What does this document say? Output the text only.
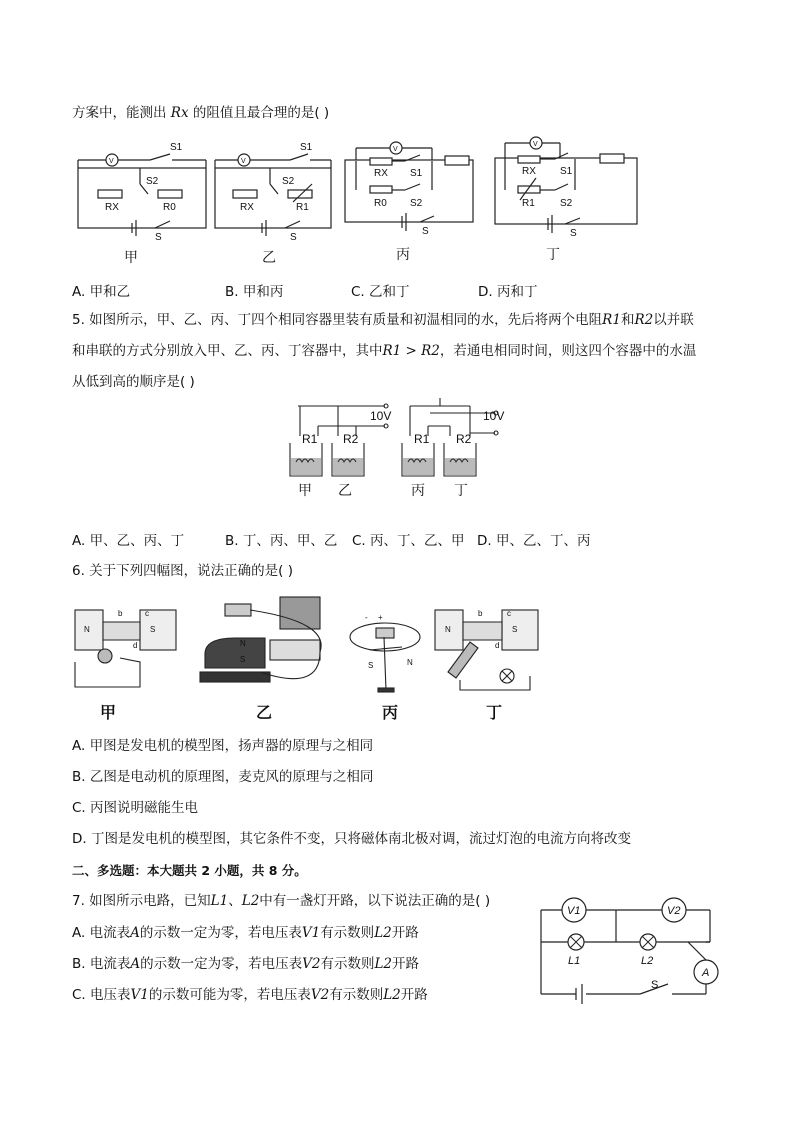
方案中，能测出 Rx 的阻值且最合理的是( )
V
S1
S2
RX	R0
S
V
S1
S2
RX	R1
S
V
RX S1
R0 S2
S
V
RX S1
R1	S2
S
甲	乙	丙	丁
A. 甲和乙	B. 甲和丙	C. 乙和丁	D. 丙和丁
5. 如图所示，甲、乙、丙、丁四个相同容器里装有质量和初温相同的水，先后将两个电阻R1和R2以并联
和串联的方式分别放入甲、乙、丙、丁容器中，其中R1 > R2，若通电相同时间，则这四个容器中的水温
从低到高的顺序是( )
R1 R2	R1 R2
10V	10V
甲 乙	丙 丁
A. 甲、乙、丙、丁	B. 丁、丙、甲、乙 C. 丙、丁、乙、甲 D. 甲、乙、丁、丙
6. 关于下列四幅图，说法正确的是( )
N	S
b	c
d
N	S
b	c
d
N
S
- +
S	N
甲	乙	丙	丁
A. 甲图是发电机的模型图，扬声器的原理与之相同
B. 乙图是电动机的原理图，麦克风的原理与之相同
C. 丙图说明磁能生电
D. 丁图是发电机的模型图，其它条件不变，只将磁体南北极对调，流过灯泡的电流方向将改变
二、多选题：本大题共 2 小题，共 8 分。
7. 如图所示电路，已知L1、L2中有一盏灯开路，以下说法正确的是( )
A. 电流表A的示数一定为零，若电压表V1有示数则L2开路
B. 电流表A的示数一定为零，若电压表V2有示数则L2开路
C. 电压表V1的示数可能为零，若电压表V2有示数则L2开路
V1	V2
L1	L2
A
S
